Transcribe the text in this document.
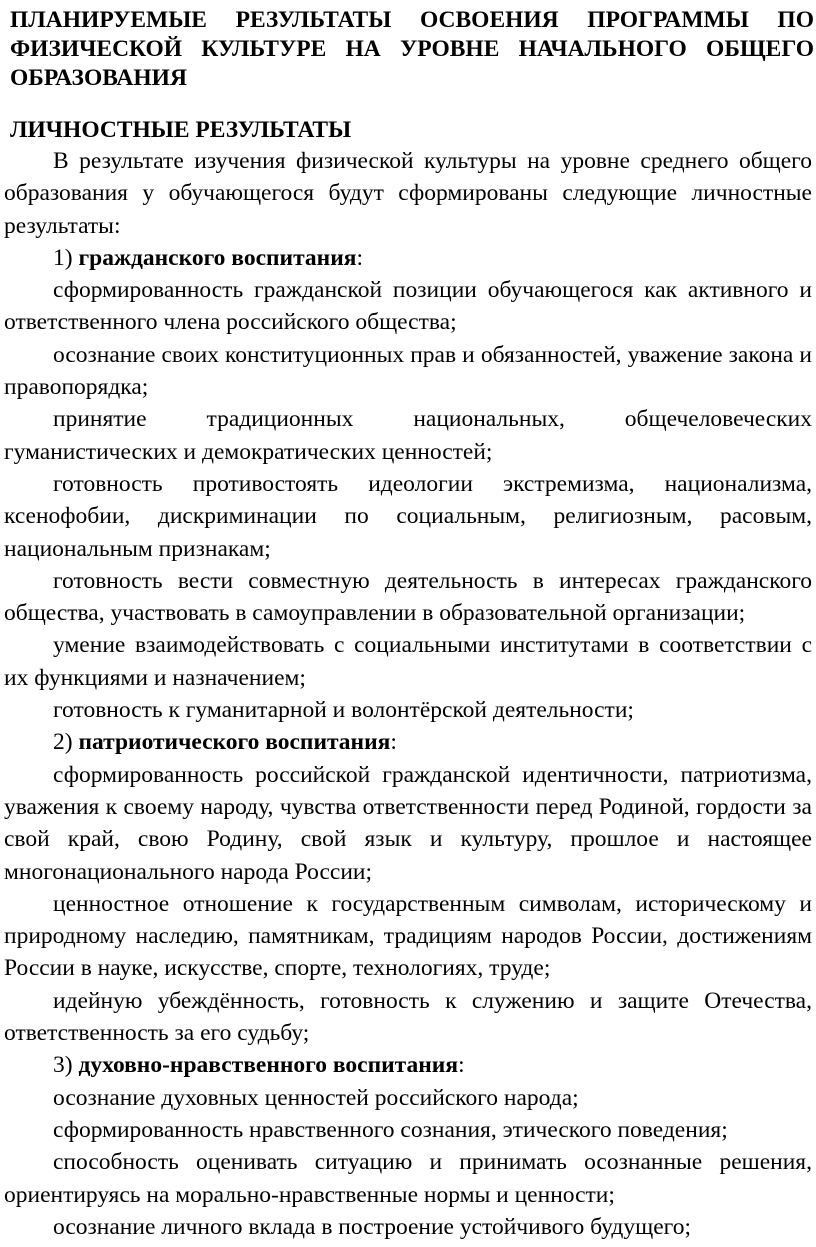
ПЛАНИРУЕМЫЕ РЕЗУЛЬТАТЫ ОСВОЕНИЯ ПРОГРАММЫ ПО ФИЗИЧЕСКОЙ КУЛЬТУРЕ НА УРОВНЕ НАЧАЛЬНОГО ОБЩЕГО ОБРАЗОВАНИЯ
ЛИЧНОСТНЫЕ РЕЗУЛЬТАТЫ

В результате изучения физической культуры на уровне среднего общего образования у обучающегося будут сформированы следующие личностные результаты:

1) гражданского воспитания:

сформированность гражданской позиции обучающегося как активного и ответственного члена российского общества;

осознание своих конституционных прав и обязанностей, уважение закона и правопорядка;

принятие традиционных национальных, общечеловеческих гуманистических и демократических ценностей;

готовность противостоять идеологии экстремизма, национализма, ксенофобии, дискриминации по социальным, религиозным, расовым, национальным признакам;

готовность вести совместную деятельность в интересах гражданского общества, участвовать в самоуправлении в образовательной организации;

умение взаимодействовать с социальными институтами в соответствии с их функциями и назначением;

готовность к гуманитарной и волонтёрской деятельности;

2) патриотического воспитания:

сформированность российской гражданской идентичности, патриотизма, уважения к своему народу, чувства ответственности перед Родиной, гордости за свой край, свою Родину, свой язык и культуру, прошлое и настоящее многонационального народа России;

ценностное отношение к государственным символам, историческому и природному наследию, памятникам, традициям народов России, достижениям России в науке, искусстве, спорте, технологиях, труде;

идейную убеждённость, готовность к служению и защите Отечества, ответственность за его судьбу;

3) духовно-нравственного воспитания:

осознание духовных ценностей российского народа;

сформированность нравственного сознания, этического поведения;

способность оценивать ситуацию и принимать осознанные решения, ориентируясь на морально-нравственные нормы и ценности;

осознание личного вклада в построение устойчивого будущего;
